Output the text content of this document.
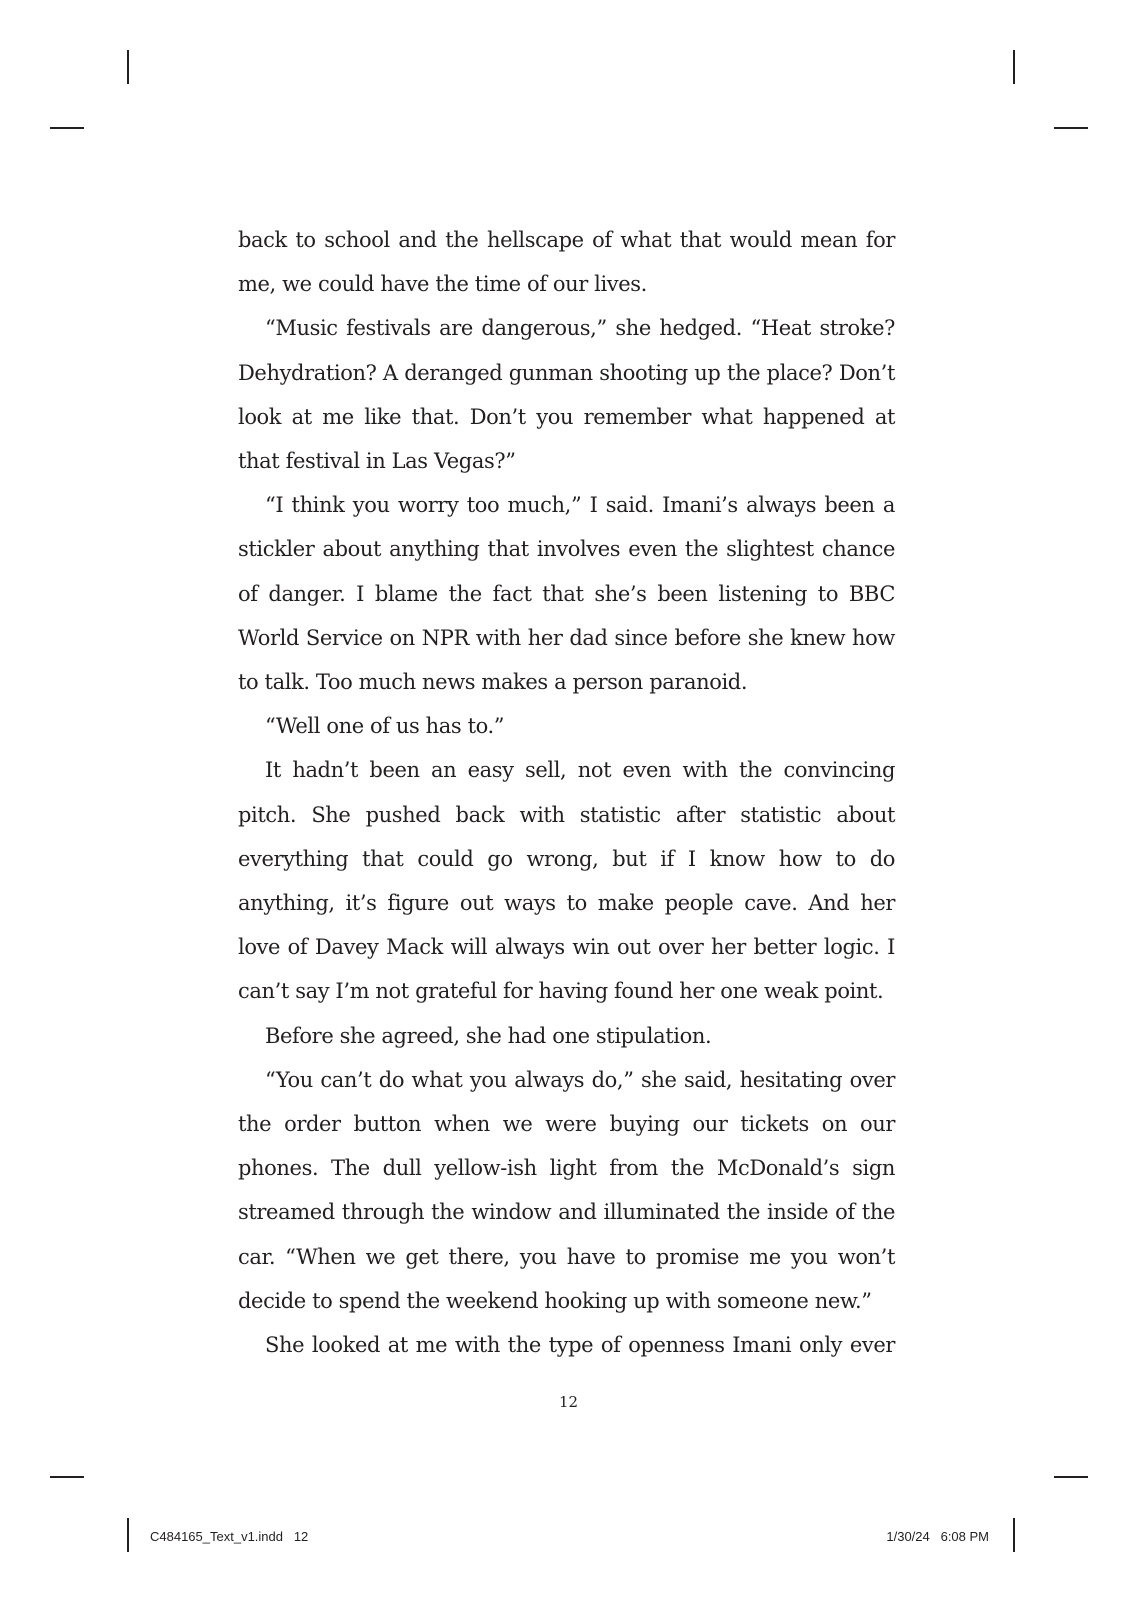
back to school and the hellscape of what that would mean for me, we could have the time of our lives.

“Music festivals are dangerous,” she hedged. “Heat stroke? Dehydration? A deranged gunman shooting up the place? Don’t look at me like that. Don’t you remember what happened at that festival in Las Vegas?”

“I think you worry too much,” I said. Imani’s always been a stickler about anything that involves even the slightest chance of danger. I blame the fact that she’s been listening to BBC World Service on NPR with her dad since before she knew how to talk. Too much news makes a person paranoid.

“Well one of us has to.”

It hadn’t been an easy sell, not even with the convincing pitch. She pushed back with statistic after statistic about everything that could go wrong, but if I know how to do anything, it’s figure out ways to make people cave. And her love of Davey Mack will always win out over her better logic. I can’t say I’m not grateful for having found her one weak point.

Before she agreed, she had one stipulation.

“You can’t do what you always do,” she said, hesitating over the order button when we were buying our tickets on our phones. The dull yellow-ish light from the McDonald’s sign streamed through the window and illuminated the inside of the car. “When we get there, you have to promise me you won’t decide to spend the weekend hooking up with someone new.”

She looked at me with the type of openness Imani only ever

12
C484165_Text_v1.indd   12	1/30/24   6:08 PM
